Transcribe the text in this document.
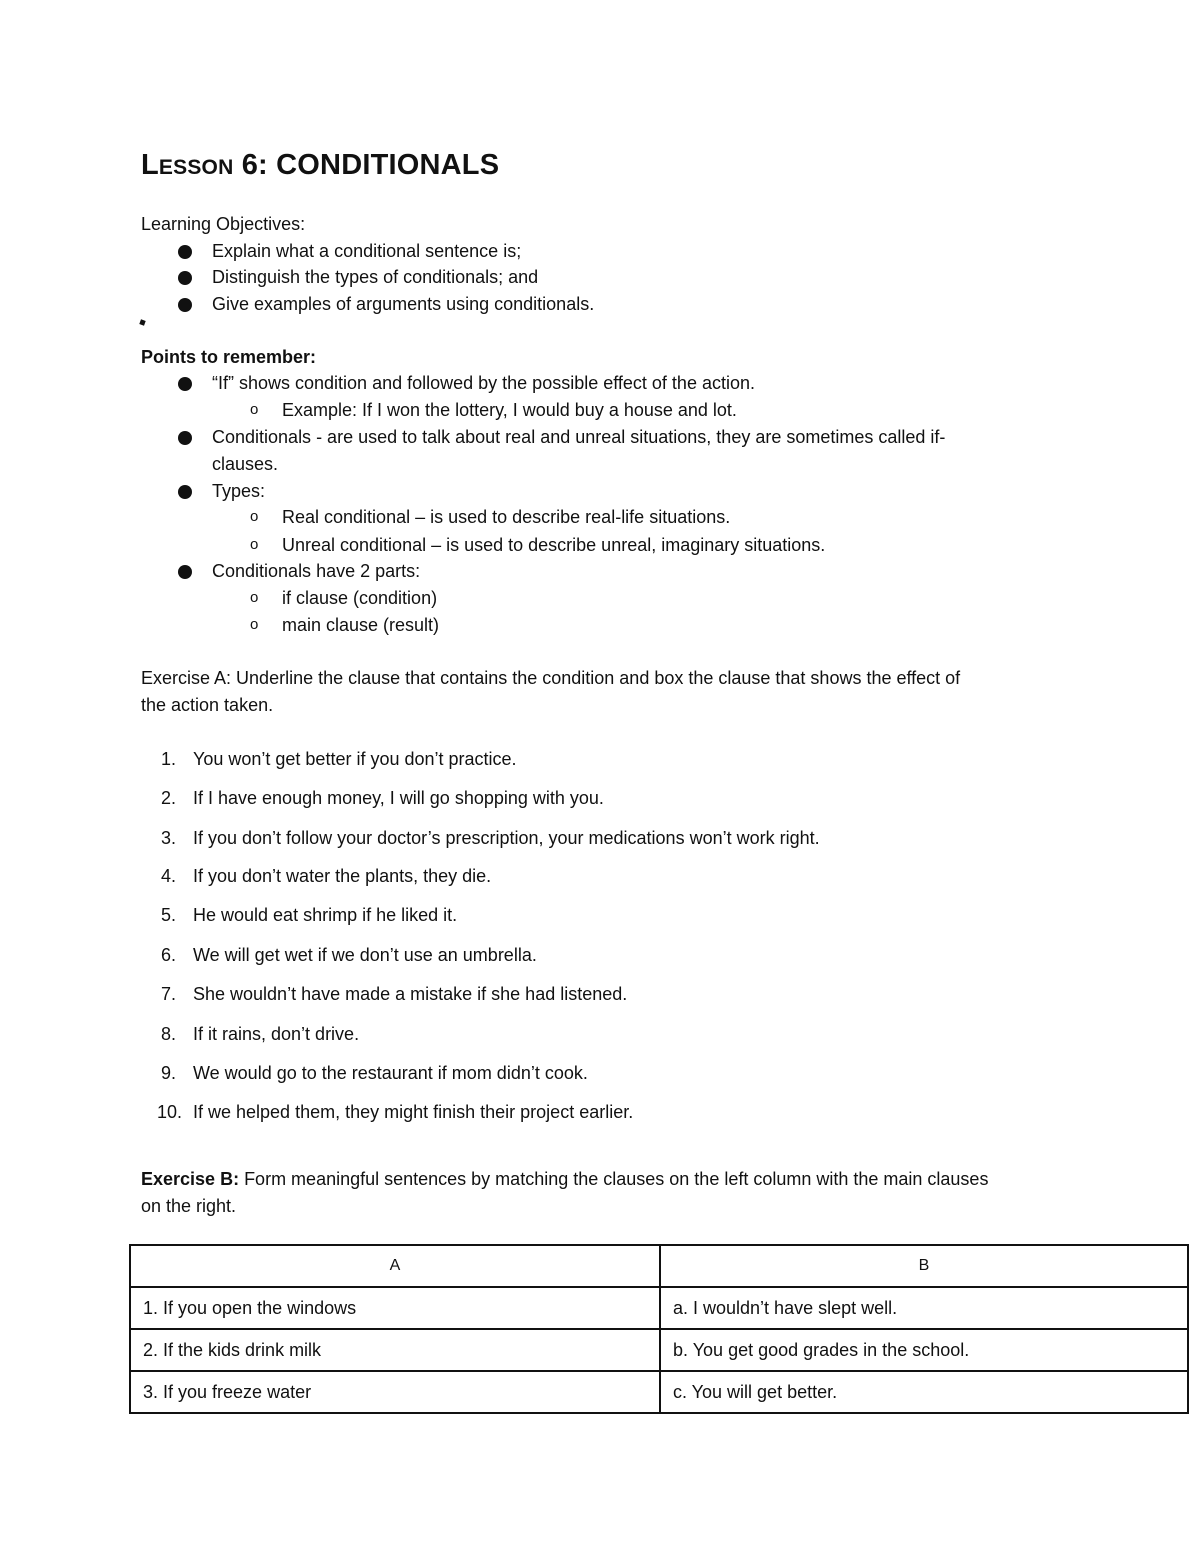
LESSON 6: CONDITIONALS
Learning Objectives:
Explain what a conditional sentence is;
Distinguish the types of conditionals; and
Give examples of arguments using conditionals.
Points to remember:
“If” shows condition and followed by the possible effect of the action.
o Example: If I won the lottery, I would buy a house and lot.
Conditionals - are used to talk about real and unreal situations, they are sometimes called if-
clauses.
Types:
o Real conditional – is used to describe real-life situations.
o Unreal conditional – is used to describe unreal, imaginary situations.
Conditionals have 2 parts:
o if clause (condition)
o main clause (result)
Exercise A: Underline the clause that contains the condition and box the clause that shows the effect of
the action taken.
1. You won’t get better if you don’t practice.
2. If I have enough money, I will go shopping with you.
3. If you don’t follow your doctor’s prescription, your medications won’t work right.
4. If you don’t water the plants, they die.
5. He would eat shrimp if he liked it.
6. We will get wet if we don’t use an umbrella.
7. She wouldn’t have made a mistake if she had listened.
8. If it rains, don’t drive.
9. We would go to the restaurant if mom didn’t cook.
10. If we helped them, they might finish their project earlier.
Exercise B: Form meaningful sentences by matching the clauses on the left column with the main clauses
on the right.
A	B
1. If you open the windows	a. I wouldn’t have slept well.
2. If the kids drink milk	b. You get good grades in the school.
3. If you freeze water	c. You will get better.
